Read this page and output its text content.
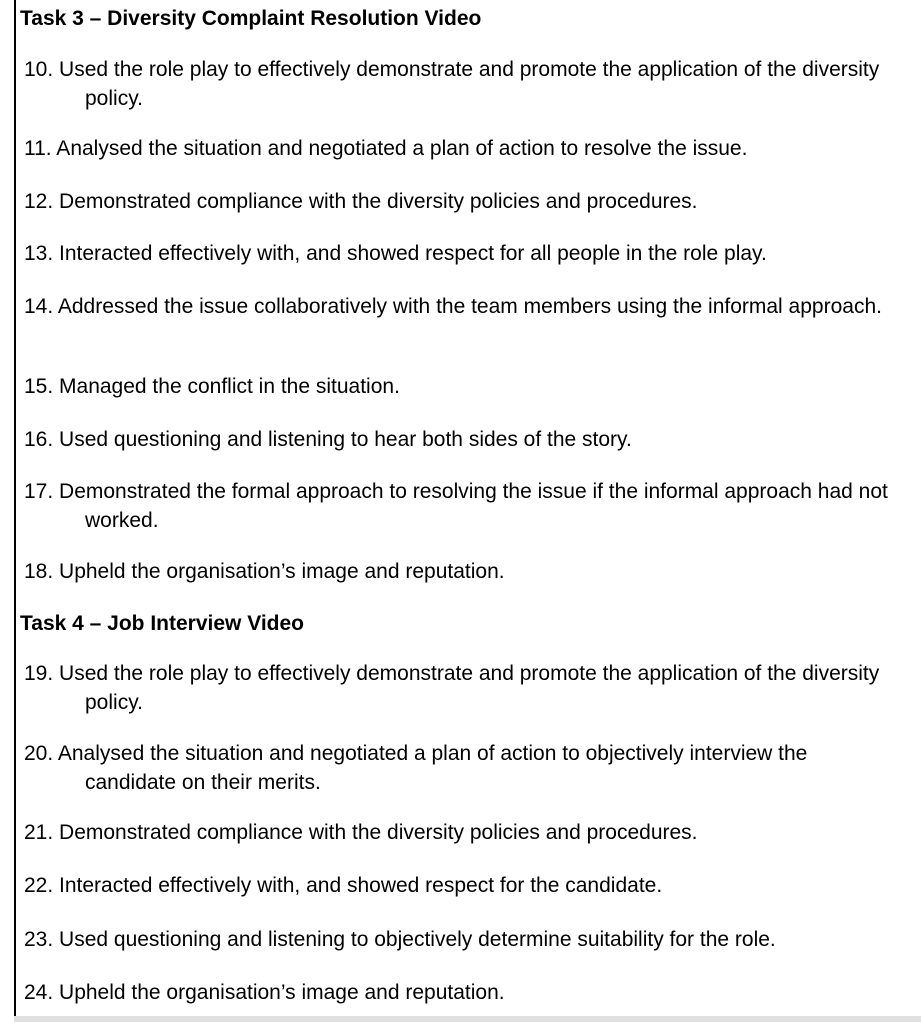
Task 3 – Diversity Complaint Resolution Video
10. Used the role play to effectively demonstrate and promote the application of the diversity policy.
11. Analysed the situation and negotiated a plan of action to resolve the issue.
12. Demonstrated compliance with the diversity policies and procedures.
13. Interacted effectively with, and showed respect for all people in the role play.
14. Addressed the issue collaboratively with the team members using the informal approach.
15. Managed the conflict in the situation.
16. Used questioning and listening to hear both sides of the story.
17. Demonstrated the formal approach to resolving the issue if the informal approach had not worked.
18. Upheld the organisation’s image and reputation.
Task 4 – Job Interview Video
19. Used the role play to effectively demonstrate and promote the application of the diversity policy.
20. Analysed the situation and negotiated a plan of action to objectively interview the candidate on their merits.
21. Demonstrated compliance with the diversity policies and procedures.
22. Interacted effectively with, and showed respect for the candidate.
23. Used questioning and listening to objectively determine suitability for the role.
24. Upheld the organisation’s image and reputation.
